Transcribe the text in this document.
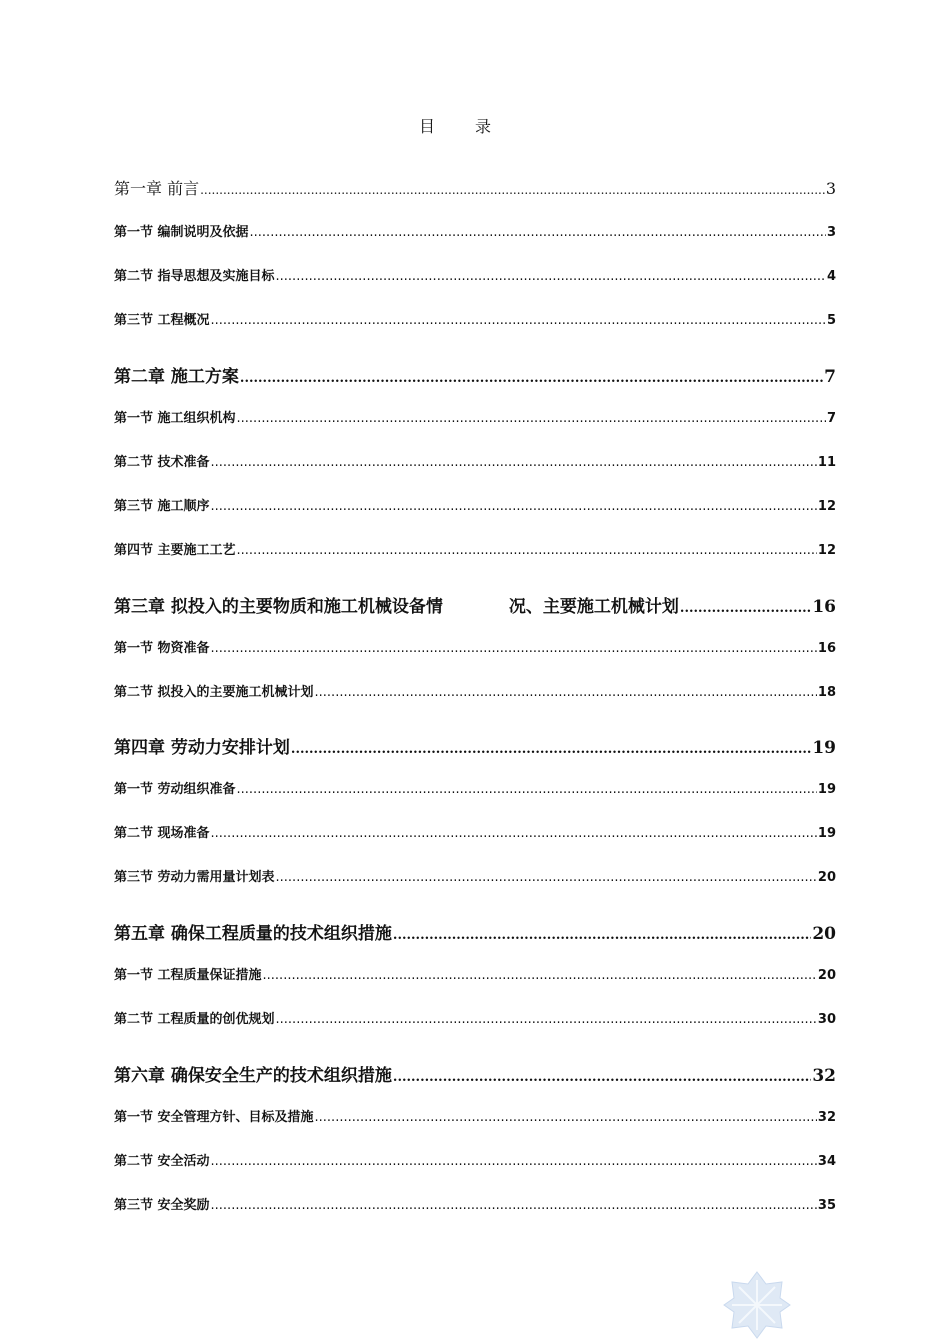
目录
第一章 前言 .....	3
第一节 编制说明及依据 .....	3
第二节 指导思想及实施目标 .....	4
第三节 工程概况 .....	5
第二章 施工方案 .....	7
第一节 施工组织机构 .....	7
第二节 技术准备 .....	11
第三节 施工顺序 .....	12
第四节 主要施工工艺 .....	12
第三章 拟投入的主要物质和施工机械设备情	况、主要施工机械计划 .....	16
第一节 物资准备 .....	16
第二节 拟投入的主要施工机械计划 .....	18
第四章 劳动力安排计划 .....	19
第一节 劳动组织准备 .....	19
第二节 现场准备 .....	19
第三节 劳动力需用量计划表 .....	20
第五章 确保工程质量的技术组织措施 .....	20
第一节 工程质量保证措施 .....	20
第二节 工程质量的创优规划 .....	30
第六章 确保安全生产的技术组织措施 .....	32
第一节 安全管理方针、目标及措施 .....	32
第二节 安全活动 .....	34
第三节 安全奖励 .....	35
